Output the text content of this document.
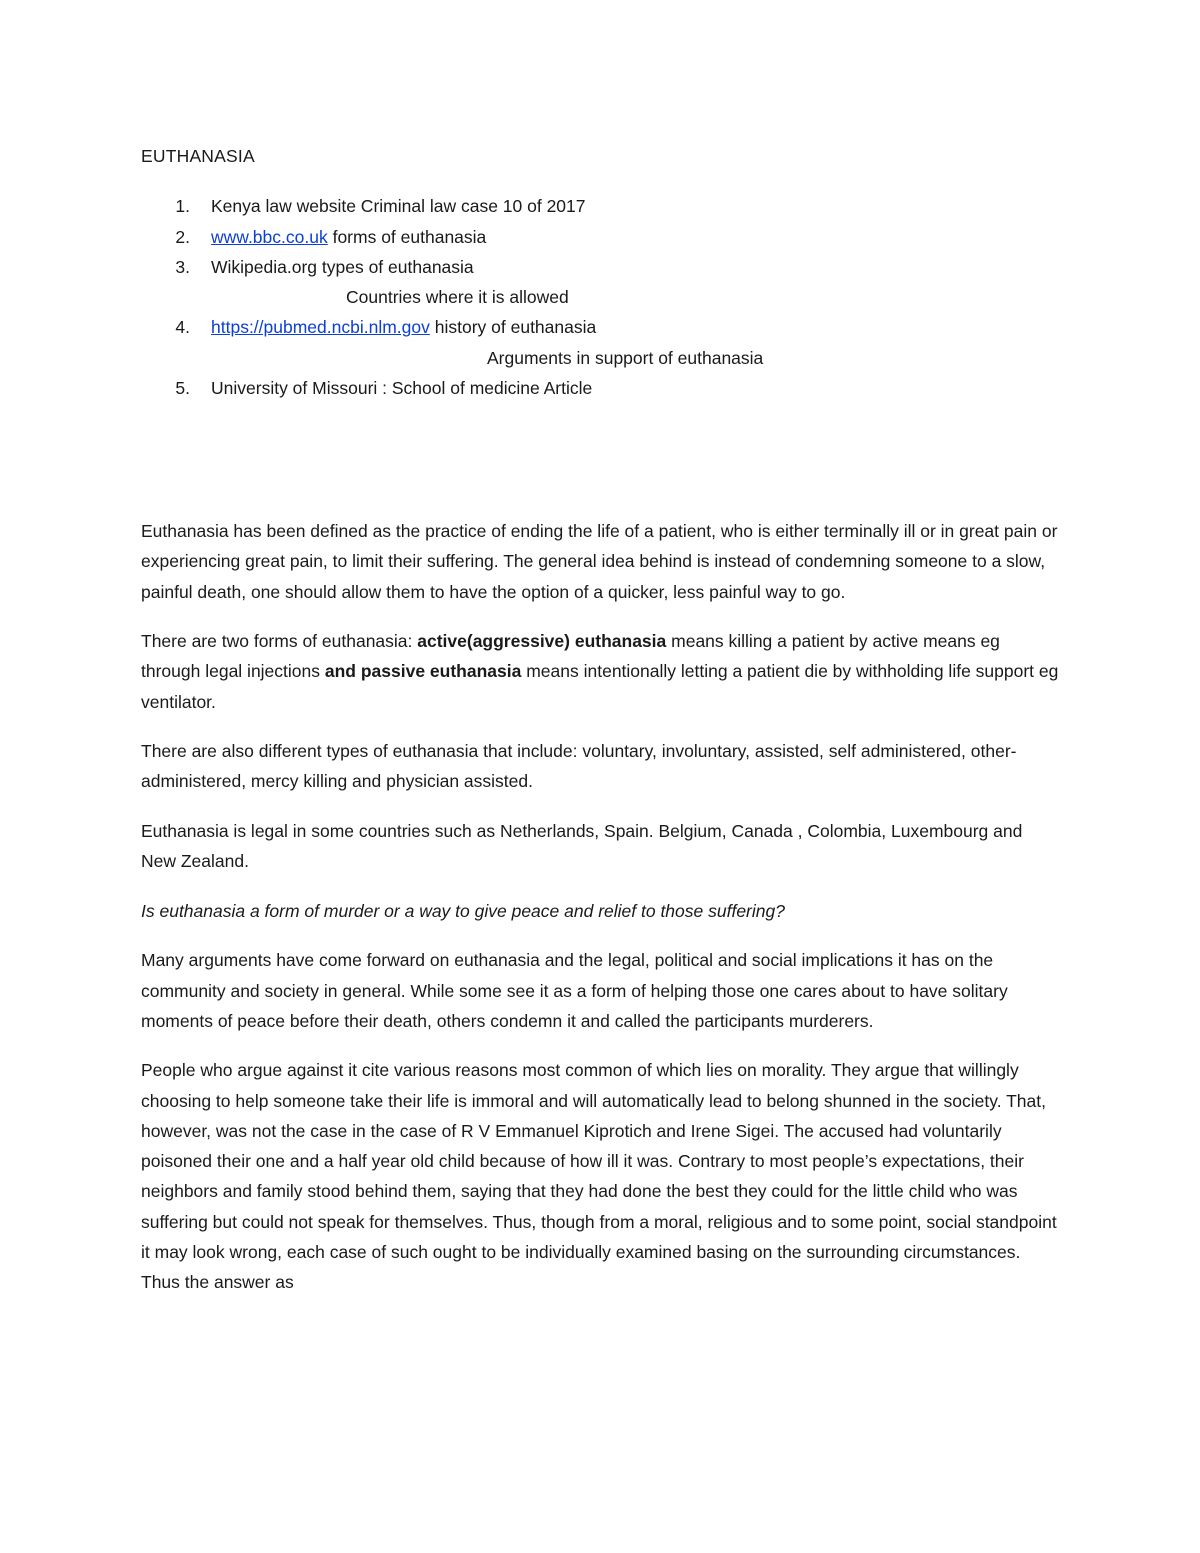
EUTHANASIA
1. Kenya law website Criminal law case 10 of 2017
2. www.bbc.co.uk forms of euthanasia
3. Wikipedia.org types of euthanasia
Countries where it is allowed
4. https://pubmed.ncbi.nlm.gov history of euthanasia
Arguments in support of euthanasia
5. University of Missouri : School of medicine Article

Euthanasia has been defined as the practice of ending the life of a patient, who is either terminally ill or in great pain or experiencing great pain, to limit their suffering. The general idea behind is instead of condemning someone to a slow, painful death, one should allow them to have the option of a quicker, less painful way to go.

There are two forms of euthanasia: active(aggressive) euthanasia means killing a patient by active means eg through legal injections and passive euthanasia means intentionally letting a patient die by withholding life support eg ventilator.

There are also different types of euthanasia that include: voluntary, involuntary, assisted, self administered, other-administered, mercy killing and physician assisted.

Euthanasia is legal in some countries such as Netherlands, Spain. Belgium, Canada , Colombia, Luxembourg and New Zealand.

Is euthanasia a form of murder or a way to give peace and relief to those suffering?

Many arguments have come forward on euthanasia and the legal, political and social implications it has on the community and society in general. While some see it as a form of helping those one cares about to have solitary moments of peace before their death, others condemn it and called the participants murderers.

People who argue against it cite various reasons most common of which lies on morality. They argue that willingly choosing to help someone take their life is immoral and will automatically lead to belong shunned in the society. That, however, was not the case in the case of R V Emmanuel Kiprotich and Irene Sigei. The accused had voluntarily poisoned their one and a half year old child because of how ill it was. Contrary to most people’s expectations, their neighbors and family stood behind them, saying that they had done the best they could for the little child who was suffering but could not speak for themselves. Thus, though from a moral, religious and to some point, social standpoint it may look wrong, each case of such ought to be individually examined basing on the surrounding circumstances. Thus the answer as
